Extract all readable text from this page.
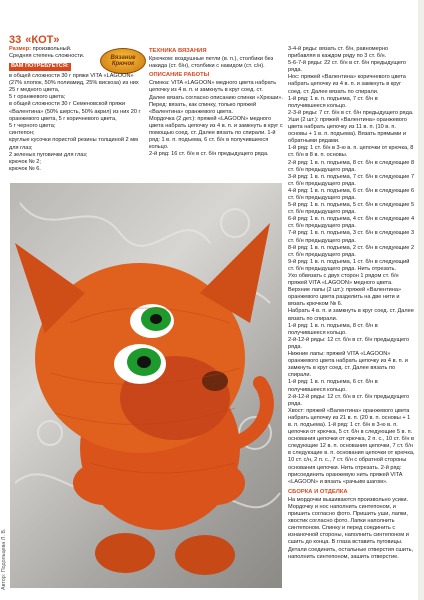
33 «КОТ»
Вязание Крючок

Размер: произвольный.

Средняя степень сложности.

ВАМ ПОТРЕБУЕТСЯ:

в общей сложности 30 г пряжи VITA «LAGOON» (27% хлопок, 50% полиамид, 25% вискоза) из них 25 г медного цвета,

5 г оранжевого цвета;

в общей сложности 30 г Семеновской пряжи «Валентина» (50% шерсть, 50% акрил) из них 20 г оранжевого цвета, 5 г коричневого цвета,

5 г черного цвета;

синтепон;

круглые кусочки пористой резины толщиной 2 мм для глаз;

2 зеленых пуговички для глаз;

крючок № 2;

крючок № 6.

ТЕХНИКА ВЯЗАНИЯ

Крючком: воздушные петли (в. п.), столбики без накида (ст. б/н), столбики с накидом (ст. с/н).

ОПИСАНИЕ РАБОТЫ

Спинка: VITA «LAGOON» медного цвета набрать цепочку из 4 в. п. и замкнуть в круг соед. ст.

Далее вязать согласно описанию спинки «Хрюши».

Перед: вязать, как спинку, только пряжей «Валентина» оранжевого цвета.

Мордочка (2 дет.): пряжей «LAGOON» медного цвета набрать цепочку из 4 в. п. и замкнуть в круг с помощью соед. ст. Далее вязать по спирали. 1-й ряд: 1 в. п. подъема, 6 ст. б/н в получившееся кольцо.

2-й ряд: 16 ст. б/н в ст. б/н предыдущего ряда.

3-4-й ряды: вязать ст. б/н, равномерно прибавляя в каждом ряду по 3 ст. б/н.

5-6-7-й ряды: 22 ст. б/н в ст. б/н предыдущего ряда.

Нос: пряжей «Валентина» коричневого цвета набрать цепочку из 4 в. п. и замкнуть в круг соед. ст. Далее вязать по спирали.

1-й ряд: 1 в. п. подъема, 7 ст. б/н в получившееся кольцо.

2-3-й ряды: 7 ст. б/н в ст. б/н предыдущего ряда.

Уши (2 шт.): пряжей «Валентина» оранжевого цвета набрать цепочку из 11 в. п. (10 в. п. основы + 1 в. п. подъема). Вязать прямыми и обратными рядами.

1-й ряд: 1 ст. б/н в 3-ю в. п. цепочки от крючка, 8 ст. б/н в 8 в. п. основы.

2-й ряд: 1 в. п. подъема, 8 ст. б/н в следующие 8 ст. б/н предыдущего ряда.

3-й ряд: 1 в. п. подъема, 7 ст. б/н в следующие 7 ст. б/н предыдущего ряда.

4-й ряд: 1 в. п. подъема, 6 ст. б/н в следующие 6 ст. б/н предыдущего ряда.

5-й ряд: 1 в. п. подъема, 5 ст. б/н в следующие 5 ст. б/н предыдущего ряда.

6-й ряд: 1 в. п. подъема, 4 ст. б/н в следующие 4 ст. б/н предыдущего ряда.

7-й ряд: 1 в. п. подъема, 3 ст. б/н в следующие 3 ст. б/н предыдущего ряда.

8-й ряд: 1 в. п. подъема, 2 ст. б/н в следующие 2 ст. б/н предыдущего ряда.

9-й ряд: 1 в. п. подъема, 1 ст. б/н в следующий ст. б/н предыдущего ряда. Нить отрезать.

Ухо обвязать с двух сторон 1 рядом ст. б/н пряжей VITA «LAGOON» медного цвета.

Верхние лапы (2 шт.): пряжей «Валентина» оранжевого цвета разделить на две нити и вязать крючком № 6.

Набрать 4 в. п. и замкнуть в круг соед. ст. Далее вязать по спирали.

1-й ряд: 1 в. п. подъема, 8 ст. б/н в получившееся кольцо.

2-й-12-й ряды: 12 ст. б/н в ст. б/н предыдущего ряда.

Нижние лапы: пряжей VITA «LAGOON» оранжевого цвета набрать цепочку из 4 в. п. и замкнуть в круг соед. ст. Далее вязать по спирали.

1-й ряд: 1 в. п. подъема, 6 ст. б/н в получившееся кольцо.

2-й-12-й ряды: 12 ст. б/н в ст. б/н предыдущего ряда.

Хвост: пряжей «Валентина» оранжевого цвета набрать цепочку из 21 в. п. (20 в. п. основы + 1 в. п. подъема). 1-й ряд: 1 ст. б/н в 3-ю в. п. цепочки от крючка, 5 ст. б/н в следующие 5 в. п. основания цепочки от крючка, 2 п. с., 10 ст. б/н в следующие 12 в. п. основания цепочки, 7 ст. б/н в следующие в. п. основания цепочки от крючка, 10 ст. с/н, 2 п. с., 7 ст. б/н с обратной стороны основания цепочки. Нить отрезать. 2-й ряд: присоединить оранжевую нить пряжей VITA «LAGOON» и вязать «рачьим шагом».

СБОРКА И ОТДЕЛКА

На мордочки вышиваются произвольно усики. Мордочку и нос наполнить синтепоном, и пришить согласно фото. Пришить уши, лапки, хвостик согласно фото. Лапки наполнить синтепоном. Спинку и перед соединить с изнаночной стороны, наполнить синтепоном и сшить до конца. В глаза вставить пуговицы. Детали соединить, остальные отверстия сшить, наполнить синтепоном, зашить отверстие.

Автор: Подольцева Л. В.
